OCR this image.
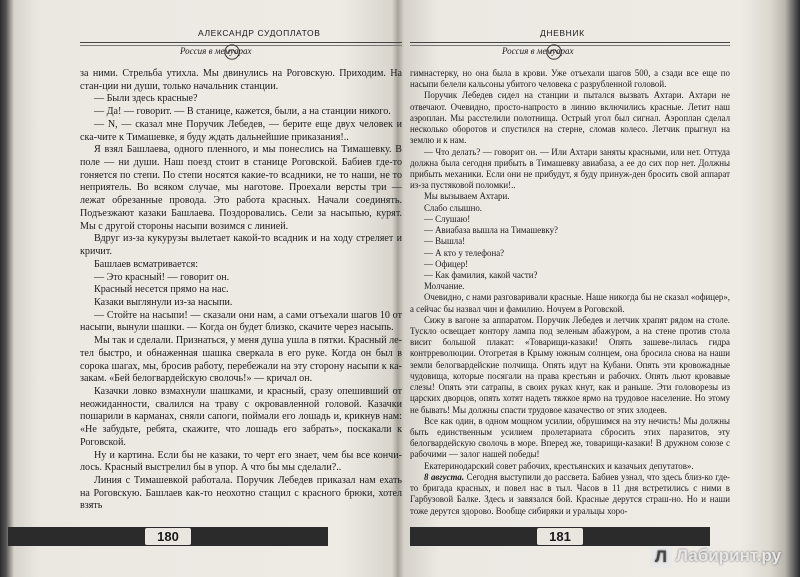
АЛЕКСАНДР СУДОПЛАТОВ
Россия в мемуарах

за ними. Стрельба утихла. Мы двинулись на Роговскую. Приходим. На стан-ции ни души, только начальник станции.

— Были здесь красные?

— Да! — говорит. — В станице, кажется, были, а на станции никого.

— N, — сказал мне Поручик Лебедев, — берите еще двух человек и ска-чите к Тимашевке, я буду ждать дальнейшие приказания!..

Я взял Башлаева, одного пленного, и мы понеслись на Тимашевку. В поле — ни души. Наш поезд стоит в станице Роговской. Бабиев где-то гоняется по степи. По степи носятся какие-то всадники, не то наши, не то неприятель. Во всяком случае, мы наготове. Проехали версты три — лежат обрезанные провода. Это работа красных. Начали соединять. Подъезжают казаки Башлаева. Поздоровались. Сели за насыпью, курят. Мы с другой стороны насыпи возимся с линией.

Вдруг из-за кукурузы вылетает какой-то всадник и на ходу стреляет и кричит.

Башлаев всматривается:

— Это красный! — говорит он.

Красный несется прямо на нас.

Казаки выглянули из-за насыпи.

— Стойте на насыпи! — сказали они нам, а сами отъехали шагов 10 от насыпи, вынули шашки. — Когда он будет близко, скачите через насыпь.

Мы так и сделали. Признаться, у меня душа ушла в пятки. Красный ле-тел быстро, и обнаженная шашка сверкала в его руке. Когда он был в сорока шагах, мы, бросив работу, перебежали на эту сторону насыпи к ка-закам. «Бей белогвардейскую сволочь!» — кричал он.

Казачки ловко взмахнули шашками, и красный, сразу опешивший от неожиданности, свалился на траву с окровавленной головой. Казачки пошарили в карманах, сняли сапоги, поймали его лошадь и, крикнув нам: «Не забудьте, ребята, скажите, что лошадь его забрать», поскакали к Роговской.

Ну и картина. Если бы не казаки, то черт его знает, чем бы все кончи-лось. Красный выстрелил бы в упор. А что бы мы сделали?..

Линия с Тимашевкой работала. Поручик Лебедев приказал нам ехать на Роговскую. Башлаев как-то неохотно стащил с красного брюки, хотел взять

ДНЕВНИК
Россия в мемуарах

гимнастерку, но она была в крови. Уже отъехали шагов 500, а сзади все еще по насыпи белели кальсоны убитого человека с разрубленной головой.

Поручик Лебедев сидел на станции и пытался вызвать Ахтари. Ахтари не отвечают. Очевидно, просто-напросто в линию включились красные. Летит наш аэроплан. Мы расстелили полотнища. Острый угол был сигнал. Аэроплан сделал несколько оборотов и спустился на стерне, сломав колесо. Летчик прыгнул на землю и к нам.

— Что делать? — говорит он. — Или Ахтари заняты красными, или нет. Оттуда должна была сегодня прибыть в Тимашевку авиабаза, а ее до сих пор нет. Должны прибыть механики. Если они не прибудут, я буду принуж-ден бросить свой аппарат из-за пустяковой поломки!..

Мы вызываем Ахтари.

Слабо слышно.

— Слушаю!

— Авиабаза вышла на Тимашевку?

— Вышла!

— А кто у телефона?

— Офицер!

— Как фамилия, какой части?

Молчание.

Очевидно, с нами разговаривали красные. Наше никогда бы не сказал «офицер», а сейчас бы назвал чин и фамилию. Ночуем в Роговской.

Сижу в вагоне за аппаратом. Поручик Лебедев и летчик храпят рядом на столе. Тускло освещает контору лампа под зеленым абажуром, а на стене против стола висит большой плакат: «Товарищи-казаки! Опять зашеве-лилась гидра контрреволюции. Отогретая в Крыму южным солнцем, она бросила снова на наши земли белогвардейские полчища. Опять идут на Кубани. Опять эти кровожадные чудовища, которые посягали на права крестьян и рабочих. Опять льют кровавые слезы! Опять эти сатрапы, в своих руках кнут, как и раньше. Эти головорезы из царских дворцов, опять хотят надеть тяжкое ярмо на трудовое население. Но этому не бывать! Мы должны спасти трудовое казачество от этих злодеев.

Все как один, в одном мощном усилии, обрушимся на эту нечисть! Мы должны быть единственным усилием пролетариата сбросить этих паразитов, эту белогвардейскую сволочь в море. Вперед же, товарищи-казаки! В дружном союзе с рабочими — залог нашей победы!

Екатеринодарский совет рабочих, крестьянских и казачьих депутатов».

8 августа. Сегодня выступили до рассвета. Бабиев узнал, что здесь близ-ко где-то бригада красных, и повел нас в тыл. Часов в 11 дня встретились с ними в Гарбузовой Балке. Здесь и завязался бой. Красные дерутся страш-но. Но и наши тоже дерутся здорово. Вообще сибиряки и уральцы хоро-

180	181
Л Лабиринт.ру
